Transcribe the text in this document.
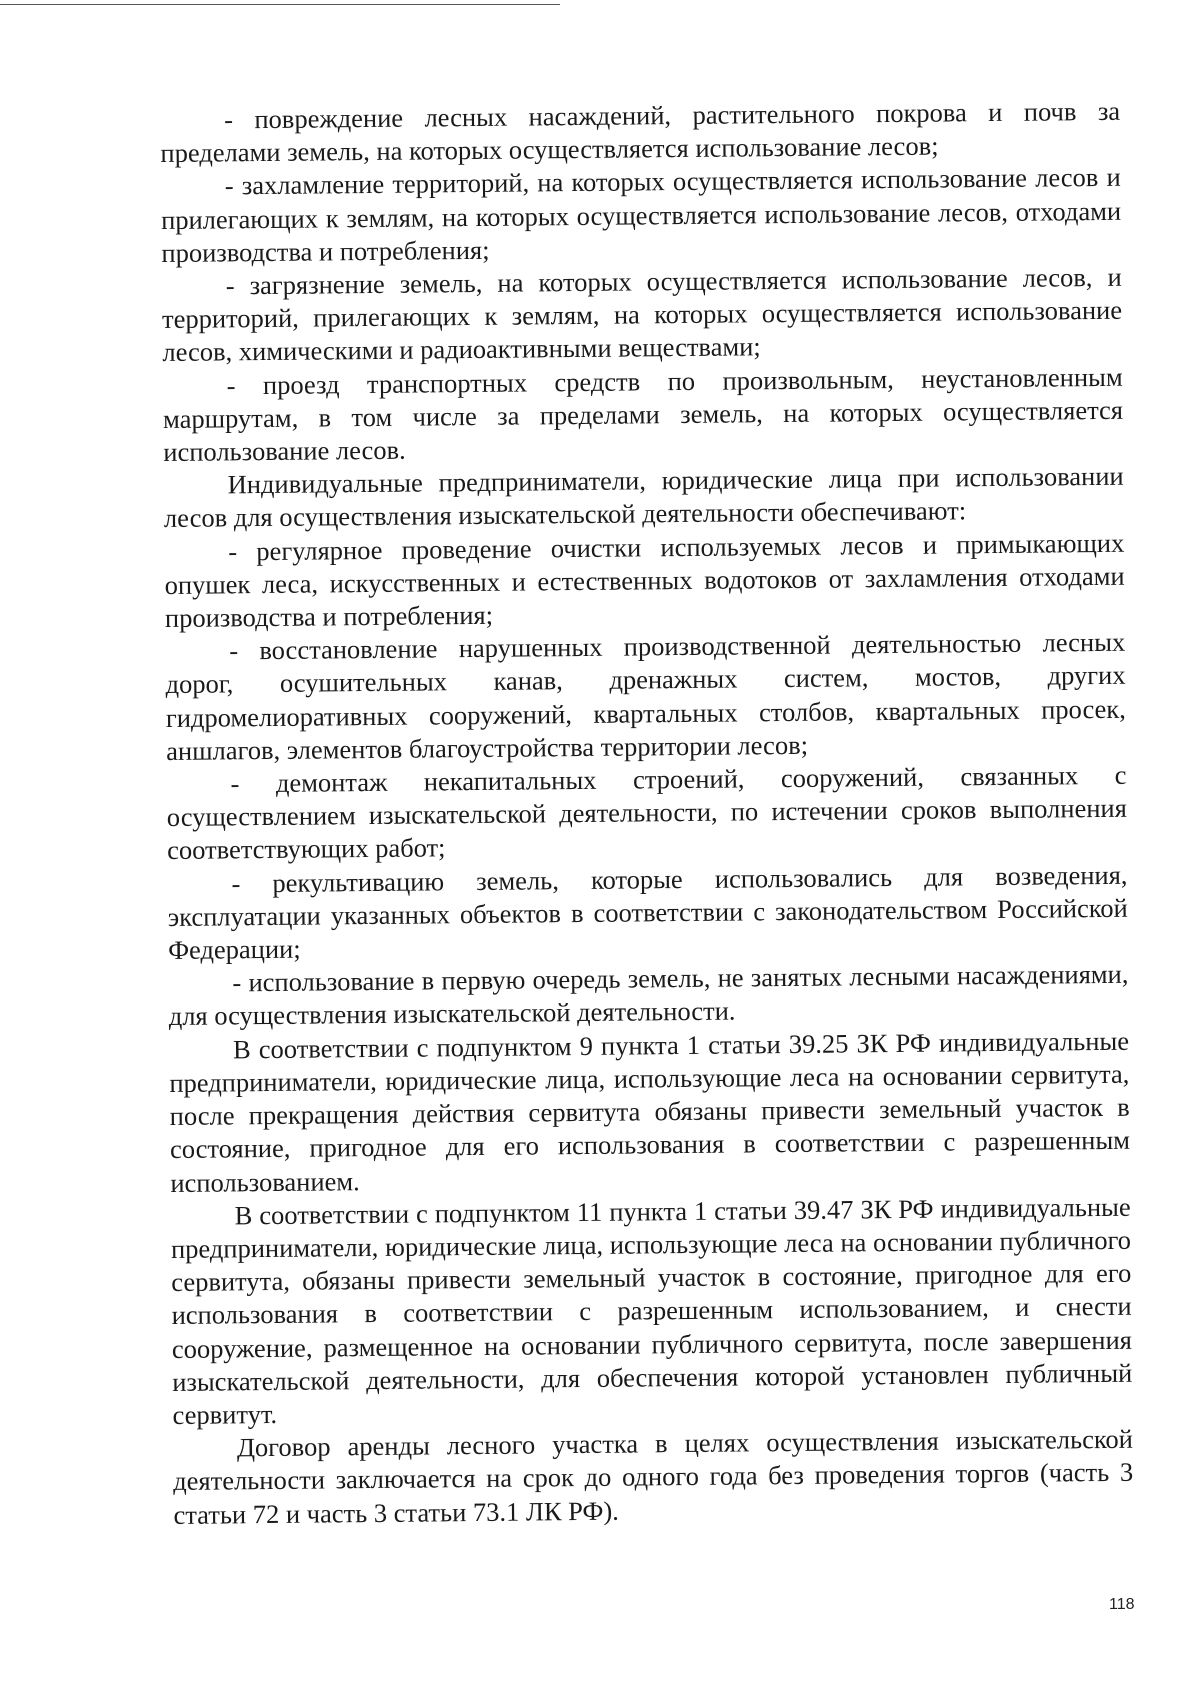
- повреждение лесных насаждений, растительного покрова и почв за пределами земель, на которых осуществляется использование лесов;

- захламление территорий, на которых осуществляется использование лесов и прилегающих к землям, на которых осуществляется использование лесов, отходами производства и потребления;

- загрязнение земель, на которых осуществляется использование лесов, и территорий, прилегающих к землям, на которых осуществляется использование лесов, химическими и радиоактивными веществами;

- проезд транспортных средств по произвольным, неустановленным маршрутам, в том числе за пределами земель, на которых осуществляется использование лесов.

Индивидуальные предприниматели, юридические лица при использовании лесов для осуществления изыскательской деятельности обеспечивают:

- регулярное проведение очистки используемых лесов и примыкающих опушек леса, искусственных и естественных водотоков от захламления отходами производства и потребления;

- восстановление нарушенных производственной деятельностью лесных дорог, осушительных канав, дренажных систем, мостов, других гидромелиоративных сооружений, квартальных столбов, квартальных просек, аншлагов, элементов благоустройства территории лесов;

- демонтаж некапитальных строений, сооружений, связанных с осуществлением изыскательской деятельности, по истечении сроков выполнения соответствующих работ;

- рекультивацию земель, которые использовались для возведения, эксплуатации указанных объектов в соответствии с законодательством Российской Федерации;

- использование в первую очередь земель, не занятых лесными насаждениями, для осуществления изыскательской деятельности.

В соответствии с подпунктом 9 пункта 1 статьи 39.25 ЗК РФ индивидуальные предприниматели, юридические лица, использующие леса на основании сервитута, после прекращения действия сервитута обязаны привести земельный участок в состояние, пригодное для его использования в соответствии с разрешенным использованием.

В соответствии с подпунктом 11 пункта 1 статьи 39.47 ЗК РФ индивидуальные предприниматели, юридические лица, использующие леса на основании публичного сервитута, обязаны привести земельный участок в состояние, пригодное для его использования в соответствии с разрешенным использованием, и снести сооружение, размещенное на основании публичного сервитута, после завершения изыскательской деятельности, для обеспечения которой установлен публичный сервитут.

Договор аренды лесного участка в целях осуществления изыскательской деятельности заключается на срок до одного года без проведения торгов (часть 3 статьи 72 и часть 3 статьи 73.1 ЛК РФ).

118
